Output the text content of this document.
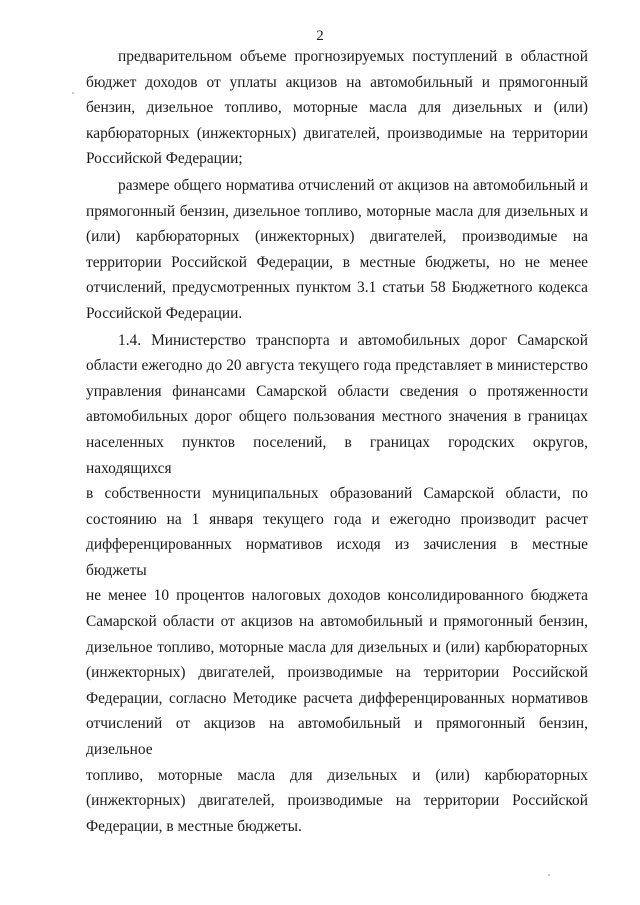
2
предварительном объеме прогнозируемых поступлений в областной
бюджет доходов от уплаты акцизов на автомобильный и прямогонный
бензин, дизельное топливо, моторные масла для дизельных и (или)
карбюраторных (инжекторных) двигателей, производимые на территории
Российской Федерации;
размере общего норматива отчислений от акцизов на автомобильный и
прямогонный бензин, дизельное топливо, моторные масла для дизельных и
(или) карбюраторных (инжекторных) двигателей, производимые на
территории Российской Федерации, в местные бюджеты, но не менее
отчислений, предусмотренных пунктом 3.1 статьи 58 Бюджетного кодекса
Российской Федерации.
1.4. Министерство транспорта и автомобильных дорог Самарской
области ежегодно до 20 августа текущего года представляет в министерство
управления финансами Самарской области сведения о протяженности
автомобильных дорог общего пользования местного значения в границах
населенных пунктов поселений, в границах городских округов, находящихся
в собственности муниципальных образований Самарской области, по
состоянию на 1 января текущего года и ежегодно производит расчет
дифференцированных нормативов исходя из зачисления в местные бюджеты
не менее 10 процентов налоговых доходов консолидированного бюджета
Самарской области от акцизов на автомобильный и прямогонный бензин,
дизельное топливо, моторные масла для дизельных и (или) карбюраторных
(инжекторных) двигателей, производимые на территории Российской
Федерации, согласно Методике расчета дифференцированных нормативов
отчислений от акцизов на автомобильный и прямогонный бензин, дизельное
топливо, моторные масла для дизельных и (или) карбюраторных
(инжекторных) двигателей, производимые на территории Российской
Федерации, в местные бюджеты.
